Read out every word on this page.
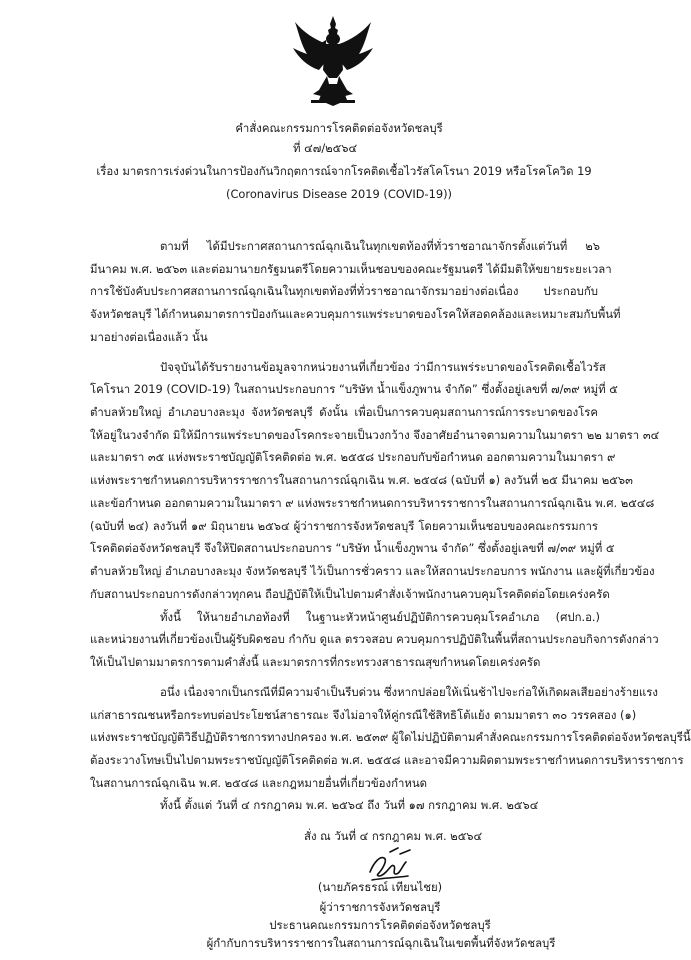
คำสั่งคณะกรรมการโรคติดต่อจังหวัดชลบุรี
ที่ ๔๗/๒๕๖๔
เรื่อง มาตรการเร่งด่วนในการป้องกันวิกฤตการณ์จากโรคติดเชื้อไวรัสโคโรนา 2019 หรือโรคโควิด 19
(Coronavirus Disease 2019 (COVID-19))
ตามที่ ได้มีประกาศสถานการณ์ฉุกเฉินในทุกเขตท้องที่ทั่วราชอาณาจักรตั้งแต่วันที่ ๒๖
มีนาคม พ.ศ. ๒๕๖๓ และต่อมานายกรัฐมนตรีโดยความเห็นชอบของคณะรัฐมนตรี ได้มีมติให้ขยายระยะเวลา
การใช้บังคับประกาศสถานการณ์ฉุกเฉินในทุกเขตท้องที่ทั่วราชอาณาจักรมาอย่างต่อเนื่อง ประกอบกับ
จังหวัดชลบุรี ได้กำหนดมาตรการป้องกันและควบคุมการแพร่ระบาดของโรคให้สอดคล้องและเหมาะสมกับพื้นที่
มาอย่างต่อเนื่องแล้ว นั้น
ปัจจุบันได้รับรายงานข้อมูลจากหน่วยงานที่เกี่ยวข้อง ว่ามีการแพร่ระบาดของโรคติดเชื้อไวรัส
โคโรนา 2019 (COVID-19) ในสถานประกอบการ “บริษัท น้ำแข็งภูพาน จำกัด” ซึ่งตั้งอยู่เลขที่ ๗/๓๙ หมู่ที่ ๕
ตำบลห้วยใหญ่ อำเภอบางละมุง จังหวัดชลบุรี ดังนั้น เพื่อเป็นการควบคุมสถานการณ์การระบาดของโรค
ให้อยู่ในวงจำกัด มิให้มีการแพร่ระบาดของโรคกระจายเป็นวงกว้าง จึงอาศัยอำนาจตามความในมาตรา ๒๒ มาตรา ๓๔
และมาตรา ๓๕ แห่งพระราชบัญญัติโรคติดต่อ พ.ศ. ๒๕๕๘ ประกอบกับข้อกำหนด ออกตามความในมาตรา ๙
แห่งพระราชกำหนดการบริหารราชการในสถานการณ์ฉุกเฉิน พ.ศ. ๒๕๔๘ (ฉบับที่ ๑) ลงวันที่ ๒๕ มีนาคม ๒๕๖๓
และข้อกำหนด ออกตามความในมาตรา ๙ แห่งพระราชกำหนดการบริหารราชการในสถานการณ์ฉุกเฉิน พ.ศ. ๒๕๔๘
(ฉบับที่ ๒๔) ลงวันที่ ๑๙ มิถุนายน ๒๕๖๔ ผู้ว่าราชการจังหวัดชลบุรี โดยความเห็นชอบของคณะกรรมการ
โรคติดต่อจังหวัดชลบุรี จึงให้ปิดสถานประกอบการ “บริษัท น้ำแข็งภูพาน จำกัด” ซึ่งตั้งอยู่เลขที่ ๗/๓๙ หมู่ที่ ๕
ตำบลห้วยใหญ่ อำเภอบางละมุง จังหวัดชลบุรี ไว้เป็นการชั่วคราว และให้สถานประกอบการ พนักงาน และผู้ที่เกี่ยวข้อง
กับสถานประกอบการดังกล่าวทุกคน ถือปฏิบัติให้เป็นไปตามคำสั่งเจ้าพนักงานควบคุมโรคติดต่อโดยเคร่งครัด
ทั้งนี้ ให้นายอำเภอท้องที่ ในฐานะหัวหน้าศูนย์ปฏิบัติการควบคุมโรคอำเภอ (ศปก.อ.)
และหน่วยงานที่เกี่ยวข้องเป็นผู้รับผิดชอบ กำกับ ดูแล ตรวจสอบ ควบคุมการปฏิบัติในพื้นที่สถานประกอบกิจการดังกล่าว
ให้เป็นไปตามมาตรการตามคำสั่งนี้ และมาตรการที่กระทรวงสาธารณสุขกำหนดโดยเคร่งครัด
อนึ่ง เนื่องจากเป็นกรณีที่มีความจำเป็นรีบด่วน ซึ่งหากปล่อยให้เนิ่นช้าไปจะก่อให้เกิดผลเสียอย่างร้ายแรง
แก่สาธารณชนหรือกระทบต่อประโยชน์สาธารณะ จึงไม่อาจให้คู่กรณีใช้สิทธิโต้แย้ง ตามมาตรา ๓๐ วรรคสอง (๑)
แห่งพระราชบัญญัติวิธีปฏิบัติราชการทางปกครอง พ.ศ. ๒๕๓๙ ผู้ใดไม่ปฏิบัติตามคำสั่งคณะกรรมการโรคติดต่อจังหวัดชลบุรีนี้
ต้องระวางโทษเป็นไปตามพระราชบัญญัติโรคติดต่อ พ.ศ. ๒๕๕๘ และอาจมีความผิดตามพระราชกำหนดการบริหารราชการ
ในสถานการณ์ฉุกเฉิน พ.ศ. ๒๕๔๘ และกฎหมายอื่นที่เกี่ยวข้องกำหนด
ทั้งนี้ ตั้งแต่ วันที่ ๔ กรกฎาคม พ.ศ. ๒๕๖๔ ถึง วันที่ ๑๗ กรกฎาคม พ.ศ. ๒๕๖๔
สั่ง ณ วันที่ ๔ กรกฎาคม พ.ศ. ๒๕๖๔
(นายภัครธรณ์ เทียนไชย)
ผู้ว่าราชการจังหวัดชลบุรี
ประธานคณะกรรมการโรคติดต่อจังหวัดชลบุรี
ผู้กำกับการบริหารราชการในสถานการณ์ฉุกเฉินในเขตพื้นที่จังหวัดชลบุรี
